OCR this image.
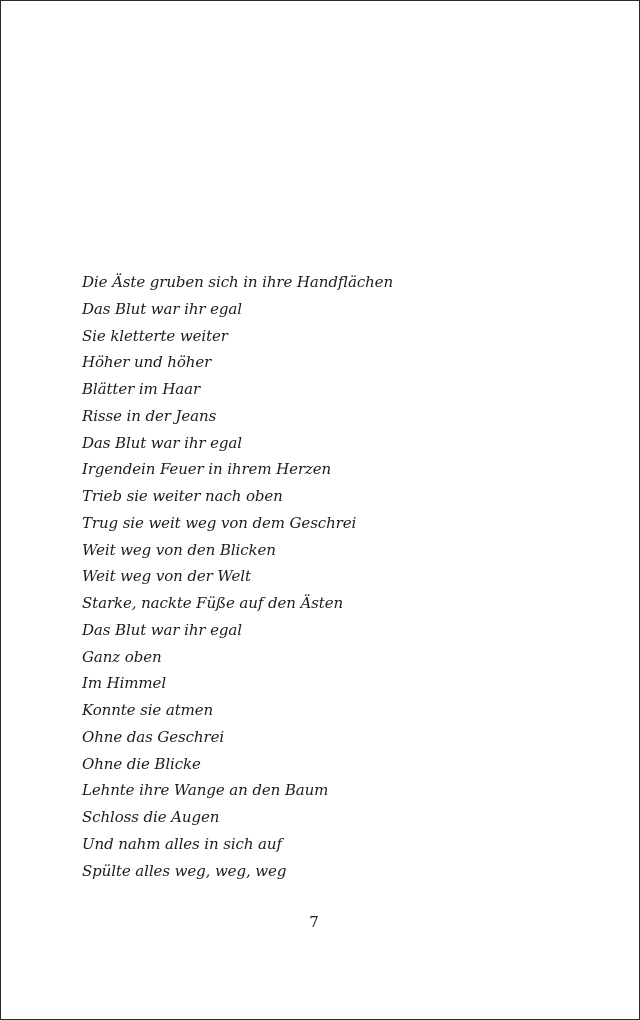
Die Äste gruben sich in ihre Handflächen
Das Blut war ihr egal
Sie kletterte weiter
Höher und höher
Blätter im Haar
Risse in der Jeans
Das Blut war ihr egal
Irgendein Feuer in ihrem Herzen
Trieb sie weiter nach oben
Trug sie weit weg von dem Geschrei
Weit weg von den Blicken
Weit weg von der Welt
Starke, nackte Füße auf den Ästen
Das Blut war ihr egal
Ganz oben
Im Himmel
Konnte sie atmen
Ohne das Geschrei
Ohne die Blicke
Lehnte ihre Wange an den Baum
Schloss die Augen
Und nahm alles in sich auf
Spülte alles weg, weg, weg
7
